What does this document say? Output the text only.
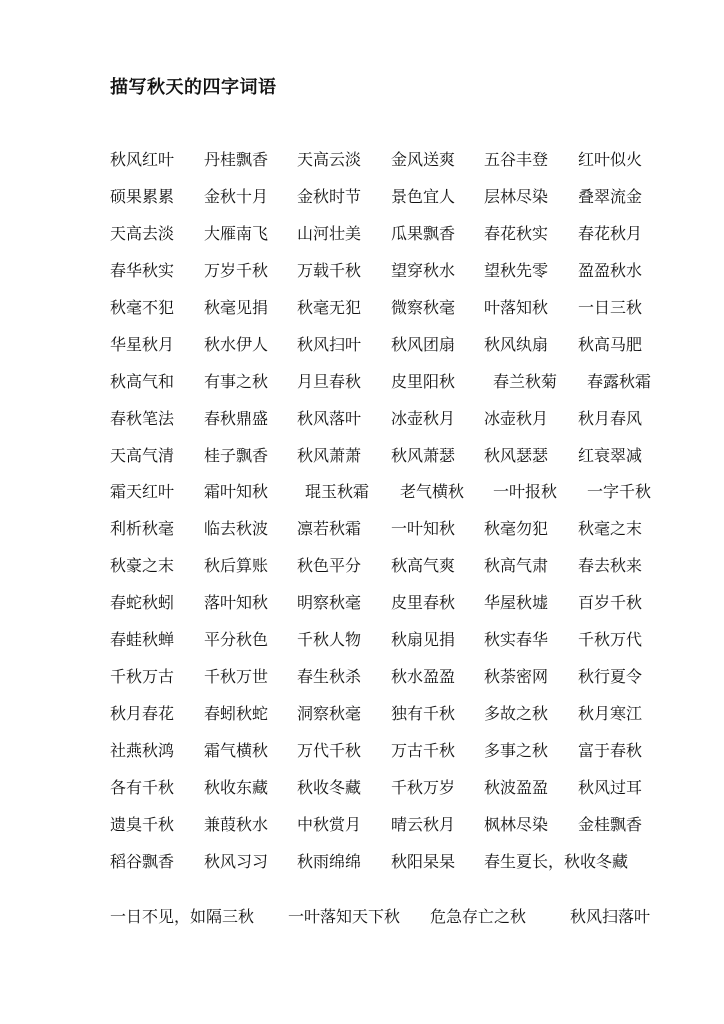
描写秋天的四字词语
秋风红叶 丹桂飘香 天高云淡 金风送爽 五谷丰登 红叶似火
硕果累累 金秋十月 金秋时节 景色宜人 层林尽染 叠翠流金
天高去淡 大雁南飞 山河壮美 瓜果飘香 春花秋实 春花秋月
春华秋实 万岁千秋 万载千秋 望穿秋水 望秋先零 盈盈秋水
秋毫不犯 秋毫见捐 秋毫无犯 微察秋毫 叶落知秋 一日三秋
华星秋月 秋水伊人 秋风扫叶 秋风团扇 秋风纨扇 秋高马肥
秋高气和 有事之秋 月旦春秋 皮里阳秋 春兰秋菊 春露秋霜
春秋笔法 春秋鼎盛 秋风落叶 冰壶秋月 冰壶秋月 秋月春风
天高气清 桂子飘香 秋风萧萧 秋风萧瑟 秋风瑟瑟 红衰翠减
霜天红叶 霜叶知秋 琨玉秋霜 老气横秋 一叶报秋 一字千秋
利析秋毫 临去秋波 凛若秋霜 一叶知秋 秋毫勿犯 秋毫之末
秋豪之末 秋后算账 秋色平分 秋高气爽 秋高气肃 春去秋来
春蛇秋蚓 落叶知秋 明察秋毫 皮里春秋 华屋秋墟 百岁千秋
春蛙秋蝉 平分秋色 千秋人物 秋扇见捐 秋实春华 千秋万代
千秋万古 千秋万世 春生秋杀 秋水盈盈 秋荼密网 秋行夏令
秋月春花 春蚓秋蛇 洞察秋毫 独有千秋 多故之秋 秋月寒江
社燕秋鸿 霜气横秋 万代千秋 万古千秋 多事之秋 富于春秋
各有千秋 秋收东藏 秋收冬藏 千秋万岁 秋波盈盈 秋风过耳
遗臭千秋 兼葭秋水 中秋赏月 晴云秋月 枫林尽染 金桂飘香
稻谷飘香 秋风习习 秋雨绵绵 秋阳杲杲 春生夏长，秋收冬藏
一日不见，如隔三秋 一叶落知天下秋 危急存亡之秋	秋风扫落叶
